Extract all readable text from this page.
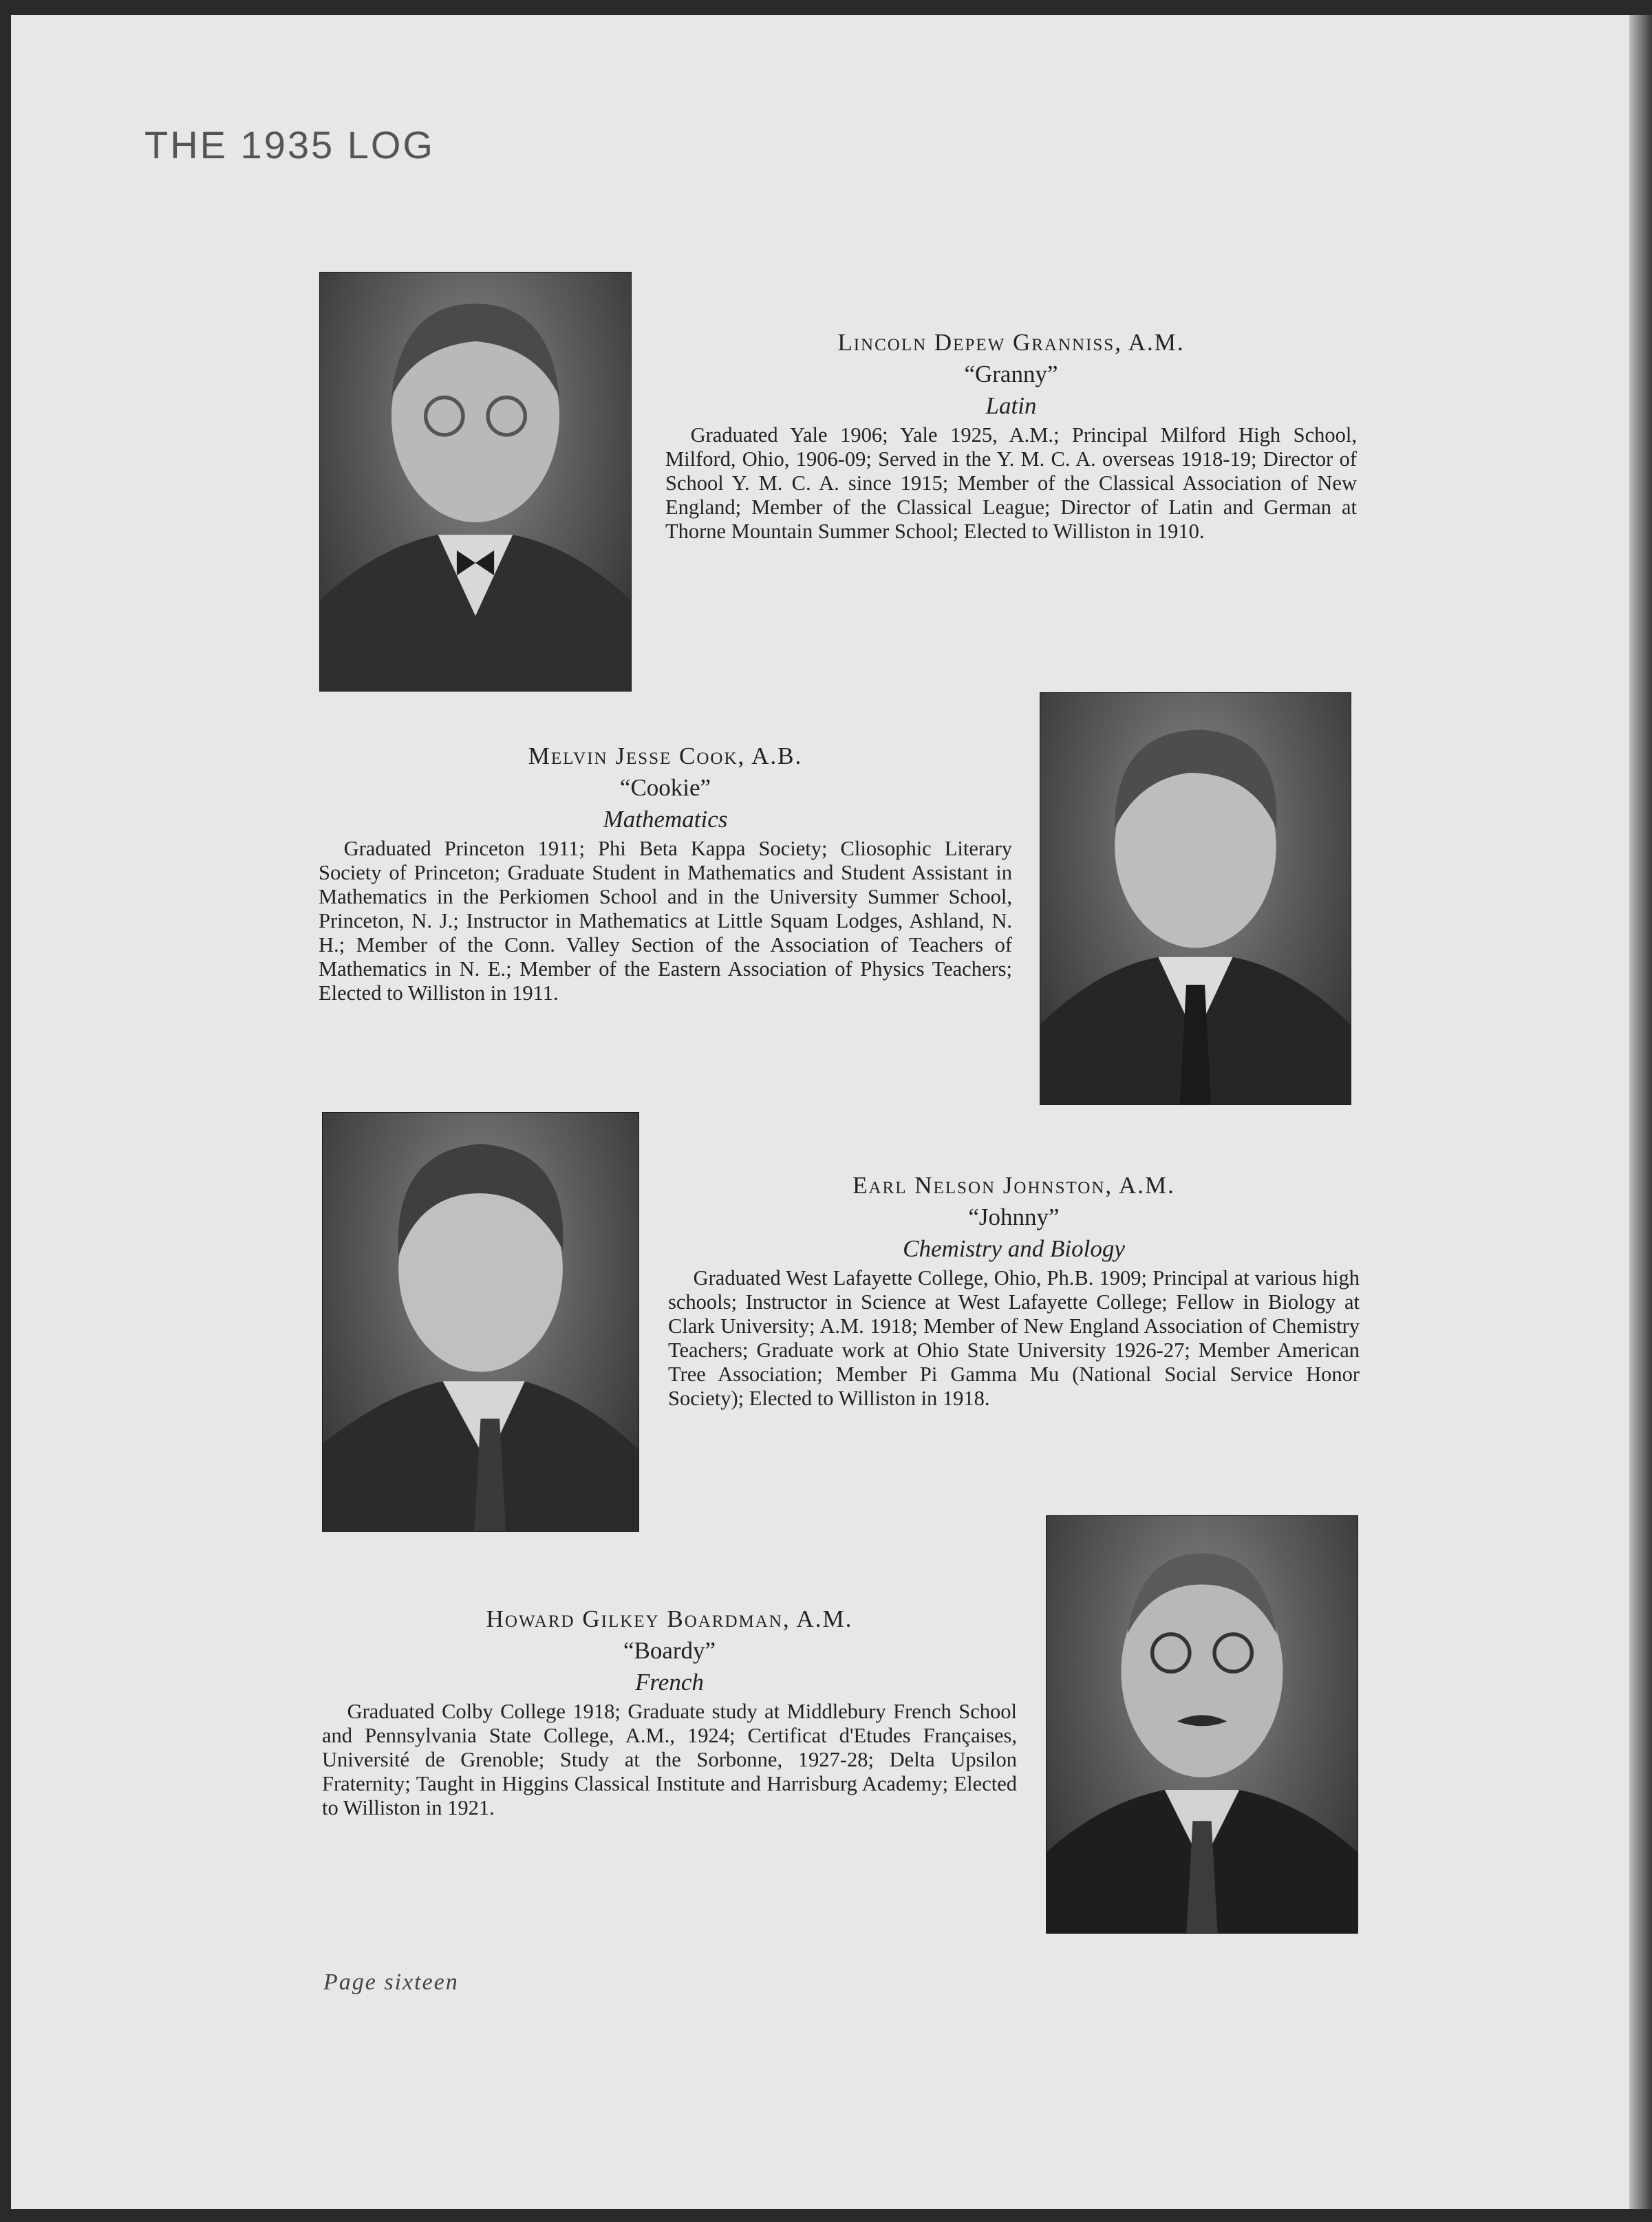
THE 1935 LOG

Lincoln Depew Granniss, A.M.

“Granny”
Latin
Graduated Yale 1906; Yale 1925, A.M.; Principal Milford High School, Milford, Ohio, 1906-09; Served in the Y. M. C. A. overseas 1918-19; Director of School Y. M. C. A. since 1915; Member of the Classical Association of New England; Member of the Classical League; Director of Latin and German at Thorne Mountain Summer School; Elected to Williston in 1910.

Melvin Jesse Cook, A.B.

“Cookie”
Mathematics
Graduated Princeton 1911; Phi Beta Kappa Society; Cliosophic Literary Society of Princeton; Graduate Student in Mathematics and Student Assistant in Mathematics in the Perkiomen School and in the University Summer School, Princeton, N. J.; Instructor in Mathematics at Little Squam Lodges, Ashland, N. H.; Member of the Conn. Valley Section of the Association of Teachers of Mathematics in N. E.; Member of the Eastern Association of Physics Teachers; Elected to Williston in 1911.

Earl Nelson Johnston, A.M.

“Johnny”
Chemistry and Biology
Graduated West Lafayette College, Ohio, Ph.B. 1909; Principal at various high schools; Instructor in Science at West Lafayette College; Fellow in Biology at Clark University; A.M. 1918; Member of New England Association of Chemistry Teachers; Graduate work at Ohio State University 1926-27; Member American Tree Association; Member Pi Gamma Mu (National Social Service Honor Society); Elected to Williston in 1918.

Howard Gilkey Boardman, A.M.

“Boardy”
French
Graduated Colby College 1918; Graduate study at Middlebury French School and Pennsylvania State College, A.M., 1924; Certificat d'Etudes Françaises, Université de Grenoble; Study at the Sorbonne, 1927-28; Delta Upsilon Fraternity; Taught in Higgins Classical Institute and Harrisburg Academy; Elected to Williston in 1921.
Page sixteen
